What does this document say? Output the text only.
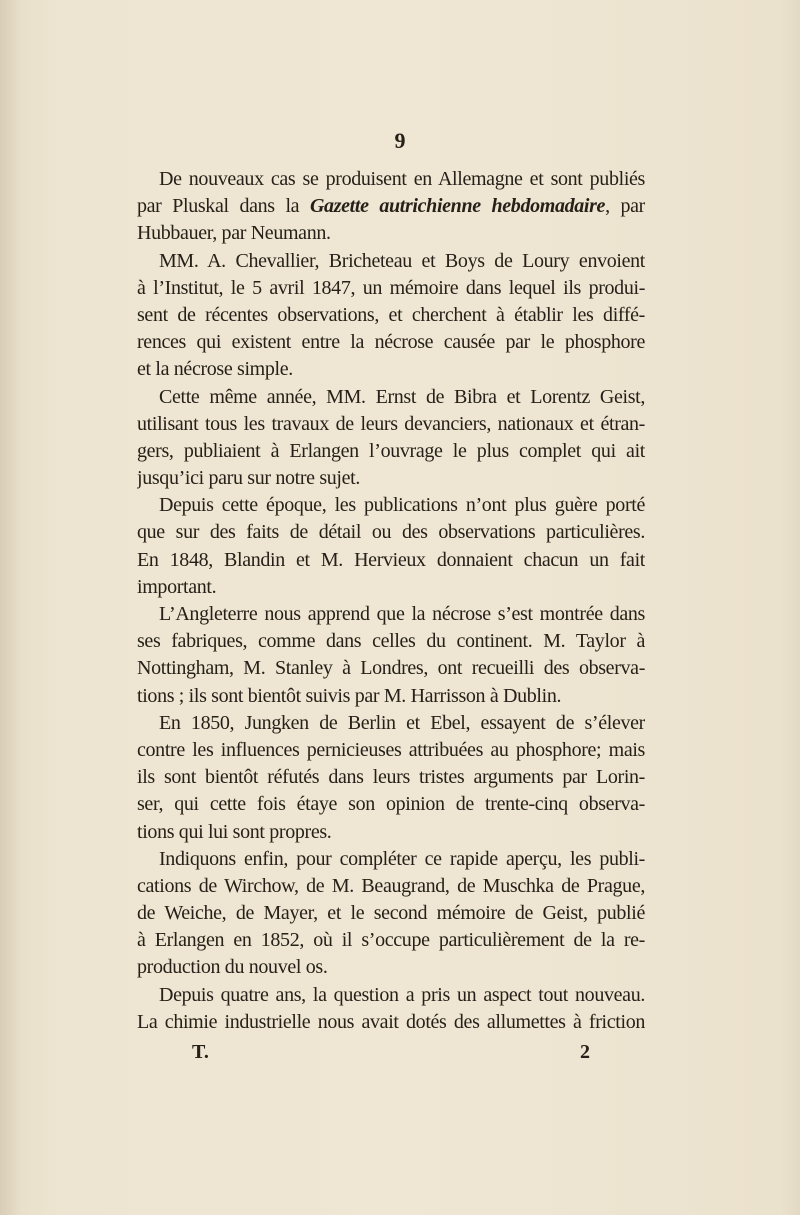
9
De nouveaux cas se produisent en Allemagne et sont publiés
par Pluskal dans la Gazette autrichienne hebdomadaire, par
Hubbauer, par Neumann.
MM. A. Chevallier, Bricheteau et Boys de Loury envoient
à l’Institut, le 5 avril 1847, un mémoire dans lequel ils produi-
sent de récentes observations, et cherchent à établir les diffé-
rences qui existent entre la nécrose causée par le phosphore
et la nécrose simple.
Cette même année, MM. Ernst de Bibra et Lorentz Geist,
utilisant tous les travaux de leurs devanciers, nationaux et étran-
gers, publiaient à Erlangen l’ouvrage le plus complet qui ait
jusqu’ici paru sur notre sujet.
Depuis cette époque, les publications n’ont plus guère porté
que sur des faits de détail ou des observations particulières.
En 1848, Blandin et M. Hervieux donnaient chacun un fait
important.
L’Angleterre nous apprend que la nécrose s’est montrée dans
ses fabriques, comme dans celles du continent. M. Taylor à
Nottingham, M. Stanley à Londres, ont recueilli des observa-
tions ; ils sont bientôt suivis par M. Harrisson à Dublin.
En 1850, Jungken de Berlin et Ebel, essayent de s’élever
contre les influences pernicieuses attribuées au phosphore; mais
ils sont bientôt réfutés dans leurs tristes arguments par Lorin-
ser, qui cette fois étaye son opinion de trente-cinq observa-
tions qui lui sont propres.
Indiquons enfin, pour compléter ce rapide aperçu, les publi-
cations de Wirchow, de M. Beaugrand, de Muschka de Prague,
de Weiche, de Mayer, et le second mémoire de Geist, publié
à Erlangen en 1852, où il s’occupe particulièrement de la re-
production du nouvel os.
Depuis quatre ans, la question a pris un aspect tout nouveau.
La chimie industrielle nous avait dotés des allumettes à friction
T.	2
